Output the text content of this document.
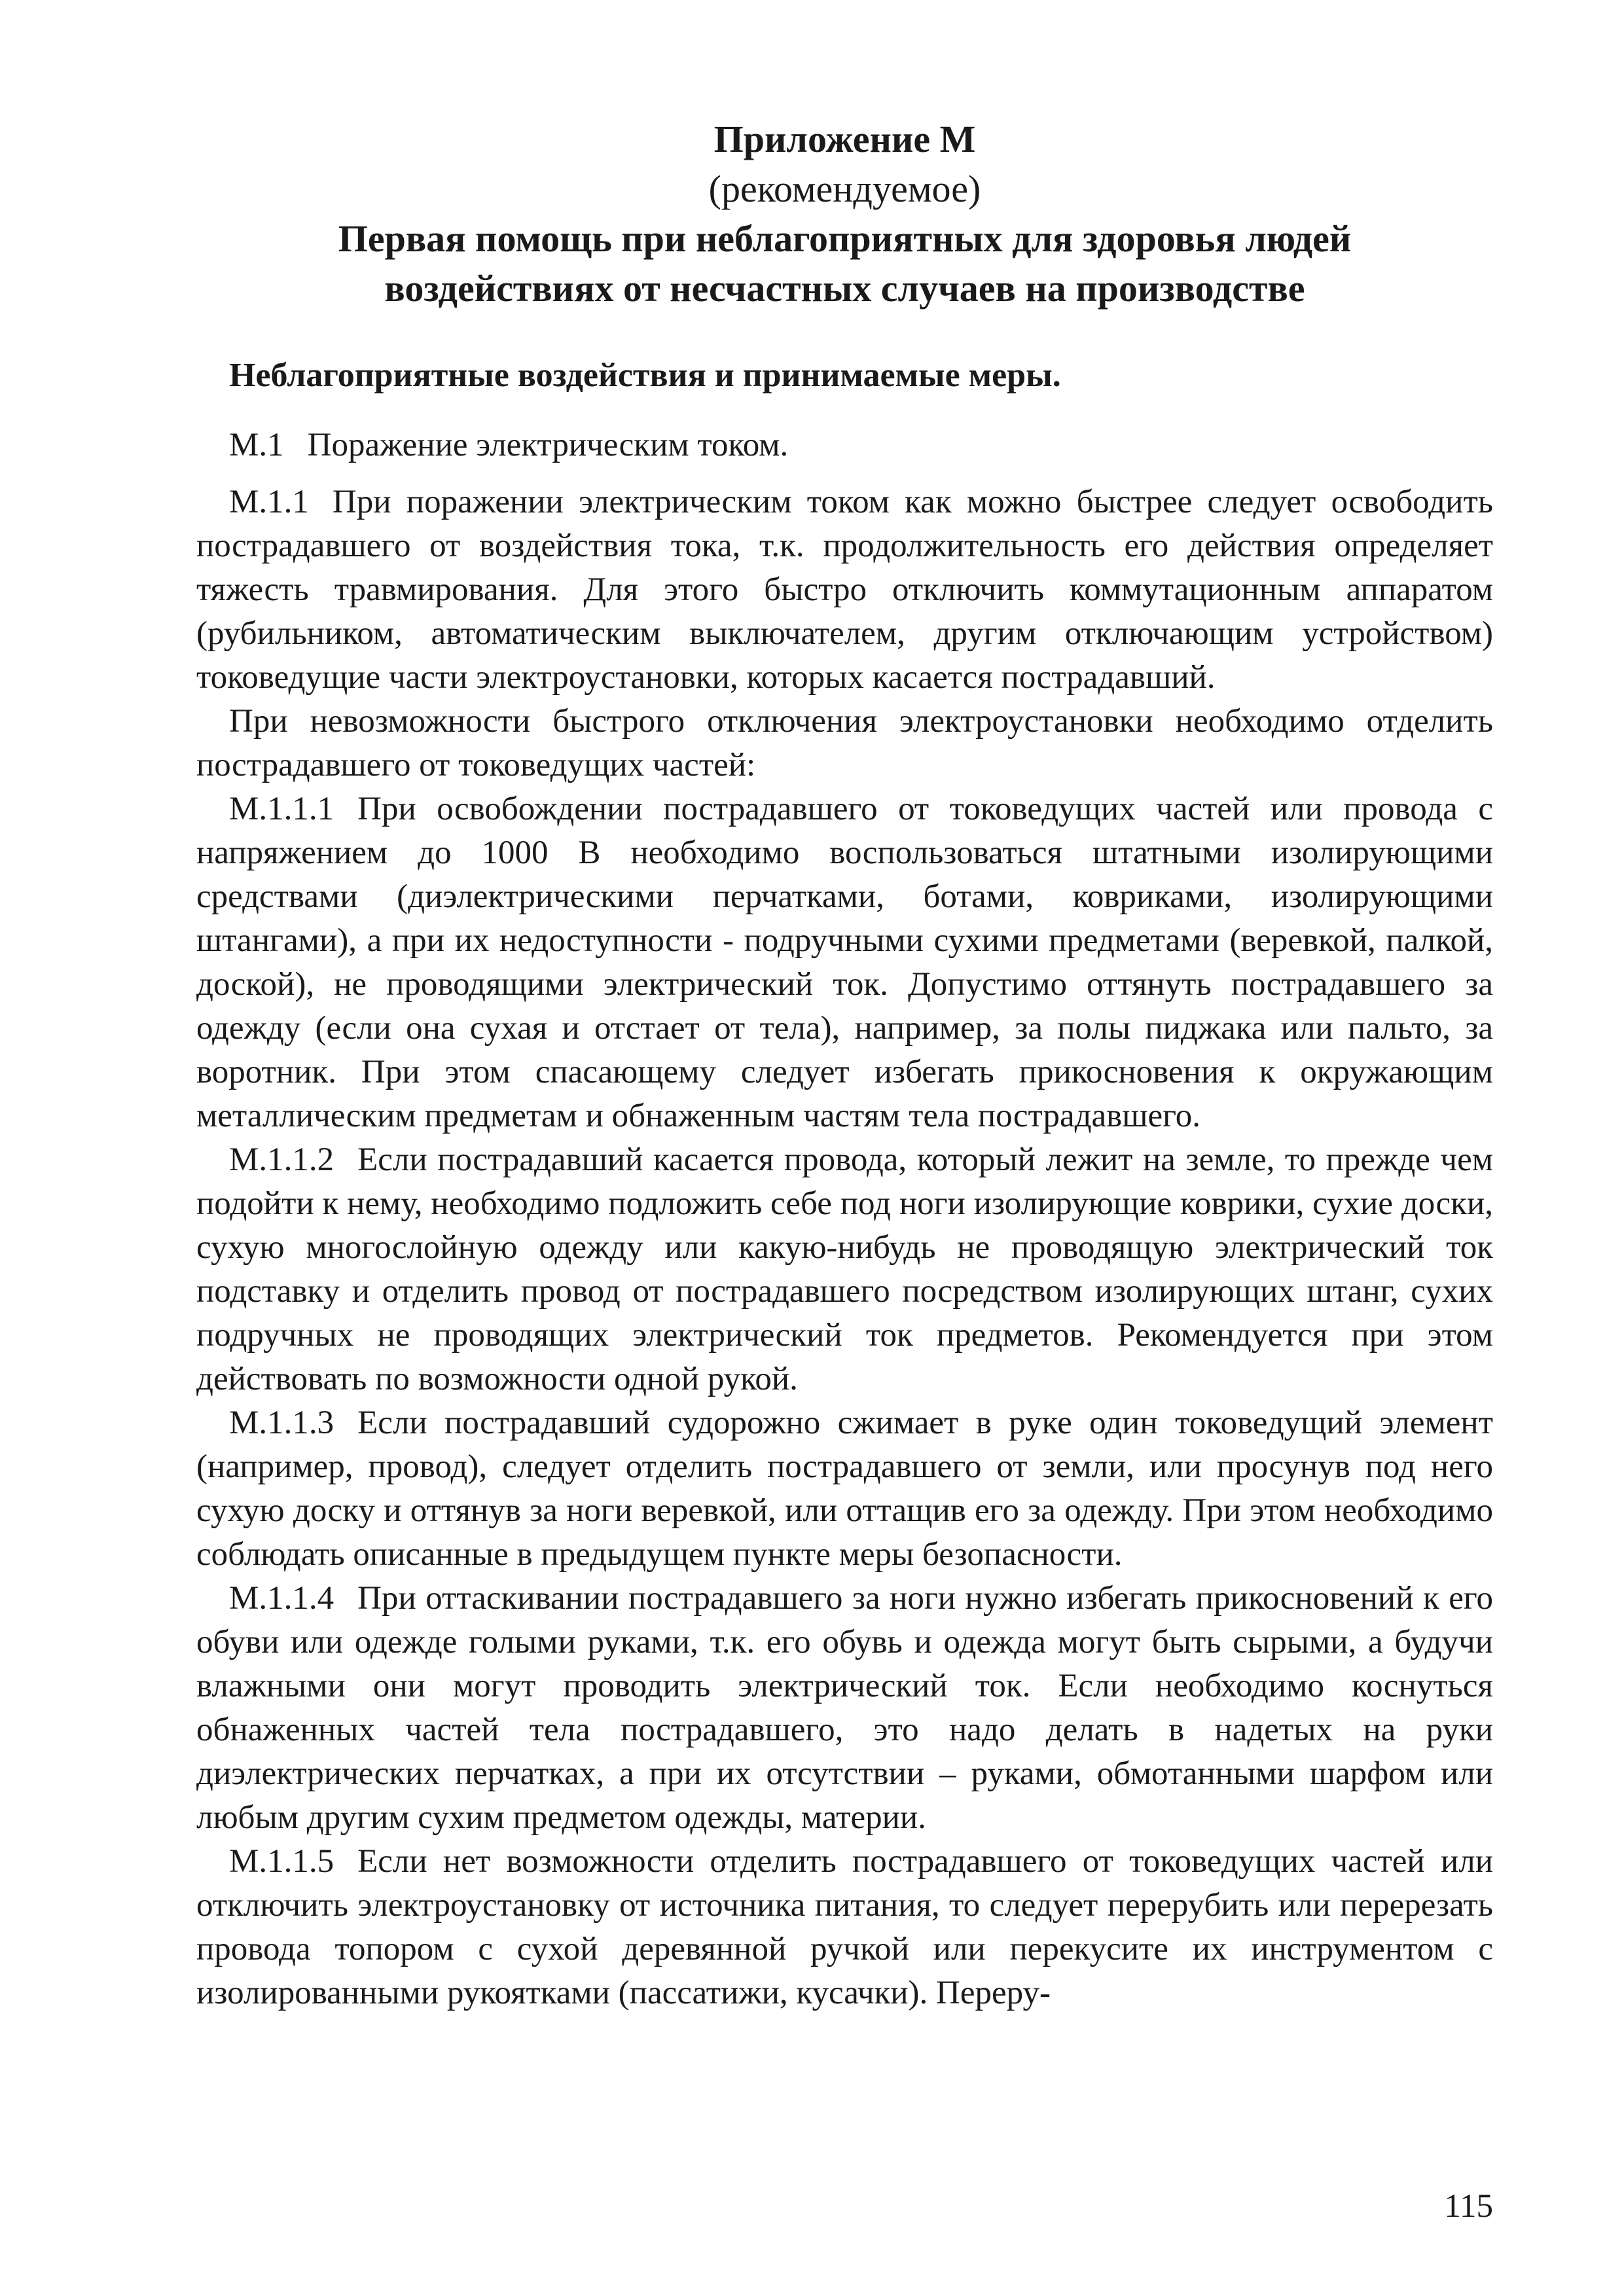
Приложение М

(рекомендуемое)

Первая помощь при неблагоприятных для здоровья людей

воздействиях от несчастных случаев на производстве

Неблагоприятные воздействия и принимаемые меры.

М.1 Поражение электрическим током.

М.1.1 При поражении электрическим током как можно быстрее следует освободить пострадавшего от воздействия тока, т.к. продолжительность его действия определяет тяжесть травмирования. Для этого быстро отключить коммутационным аппаратом (рубильником, автоматическим выключателем, другим отключающим устройством) токоведущие части электроустановки, которых касается пострадавший.

При невозможности быстрого отключения электроустановки необходимо отделить пострадавшего от токоведущих частей:

М.1.1.1 При освобождении пострадавшего от токоведущих частей или провода с напряжением до 1000 В необходимо воспользоваться штатными изолирующими средствами (диэлектрическими перчатками, ботами, ковриками, изолирующими штангами), а при их недоступности - подручными сухими предметами (веревкой, палкой, доской), не проводящими электрический ток. Допустимо оттянуть пострадавшего за одежду (если она сухая и отстает от тела), например, за полы пиджака или пальто, за воротник. При этом спасающему следует избегать прикосновения к окружающим металлическим предметам и обнаженным частям тела пострадавшего.

М.1.1.2 Если пострадавший касается провода, который лежит на земле, то прежде чем подойти к нему, необходимо подложить себе под ноги изолирующие коврики, сухие доски, сухую многослойную одежду или какую-нибудь не проводящую электрический ток подставку и отделить провод от пострадавшего посредством изолирующих штанг, сухих подручных не проводящих электрический ток предметов. Рекомендуется при этом действовать по возможности одной рукой.

М.1.1.3 Если пострадавший судорожно сжимает в руке один токоведущий элемент (например, провод), следует отделить пострадавшего от земли, или просунув под него сухую доску и оттянув за ноги веревкой, или оттащив его за одежду. При этом необходимо соблюдать описанные в предыдущем пункте меры безопасности.

М.1.1.4 При оттаскивании пострадавшего за ноги нужно избегать прикосновений к его обуви или одежде голыми руками, т.к. его обувь и одежда могут быть сырыми, а будучи влажными они могут проводить электрический ток. Если необходимо коснуться обнаженных частей тела пострадавшего, это надо делать в надетых на руки диэлектрических перчатках, а при их отсутствии – руками, обмотанными шарфом или любым другим сухим предметом одежды, материи.

М.1.1.5 Если нет возможности отделить пострадавшего от токоведущих частей или отключить электроустановку от источника питания, то следует перерубить или перерезать провода топором с сухой деревянной ручкой или перекусите их инструментом с изолированными рукоятками (пассатижи, кусачки). Переру-

115
